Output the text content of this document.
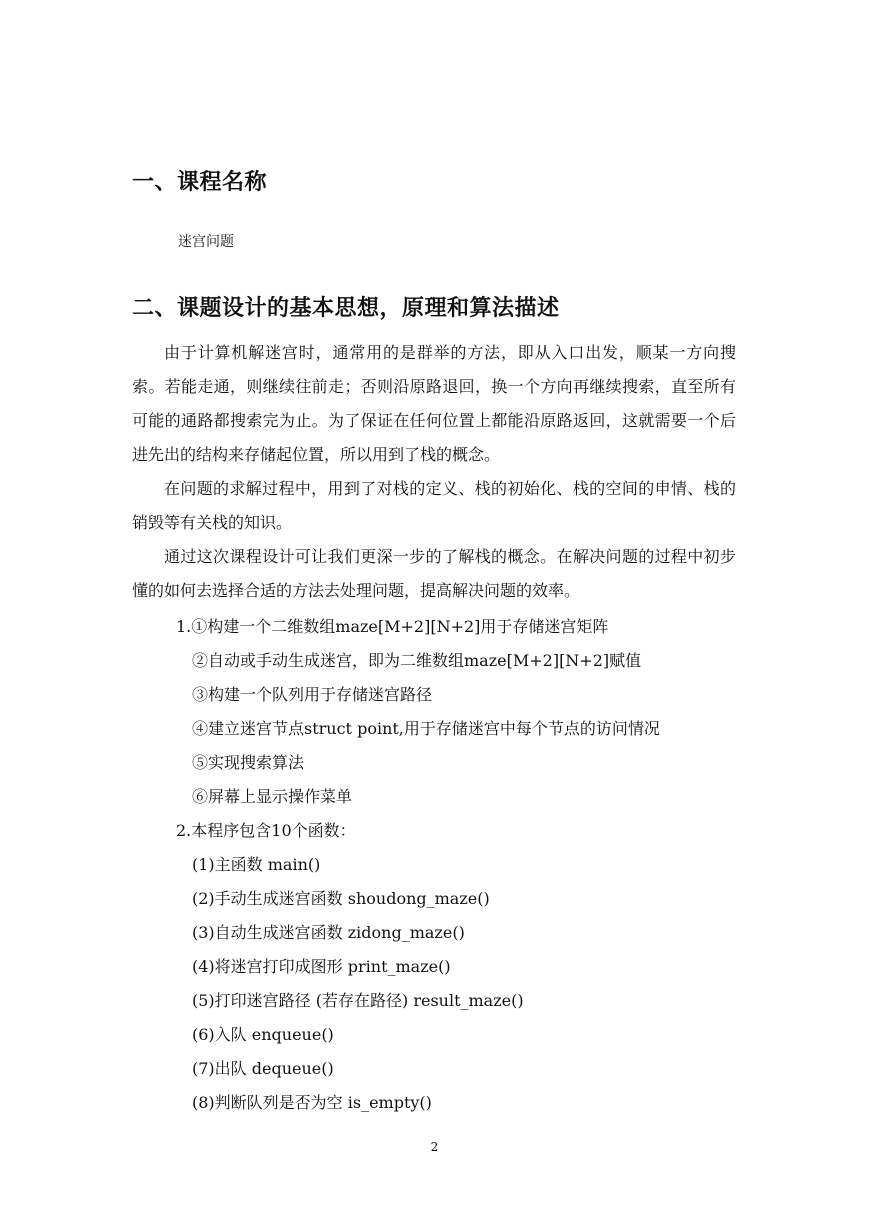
一、课程名称
迷宫问题
二、课题设计的基本思想，原理和算法描述

由于计算机解迷宫时，通常用的是群举的方法，即从入口出发，顺某一方向搜索。若能走通，则继续往前走；否则沿原路退回，换一个方向再继续搜索，直至所有可能的通路都搜索完为止。为了保证在任何位置上都能沿原路返回，这就需要一个后进先出的结构来存储起位置，所以用到了栈的概念。

在问题的求解过程中，用到了对栈的定义、栈的初始化、栈的空间的申情、栈的销毁等有关栈的知识。

通过这次课程设计可让我们更深一步的了解栈的概念。在解决问题的过程中初步懂的如何去选择合适的方法去处理问题，提高解决问题的效率。

1.①构建一个二维数组maze[M+2][N+2]用于存储迷宫矩阵
②自动或手动生成迷宫，即为二维数组maze[M+2][N+2]赋值
③构建一个队列用于存储迷宫路径
④建立迷宫节点struct point,用于存储迷宫中每个节点的访问情况
⑤实现搜索算法
⑥屏幕上显示操作菜单
2.本程序包含10个函数：
(1)主函数 main()
(2)手动生成迷宫函数 shoudong_maze()
(3)自动生成迷宫函数 zidong_maze()
(4)将迷宫打印成图形 print_maze()
(5)打印迷宫路径 (若存在路径) result_maze()
(6)入队 enqueue()
(7)出队 dequeue()
(8)判断队列是否为空 is_empty()
2
